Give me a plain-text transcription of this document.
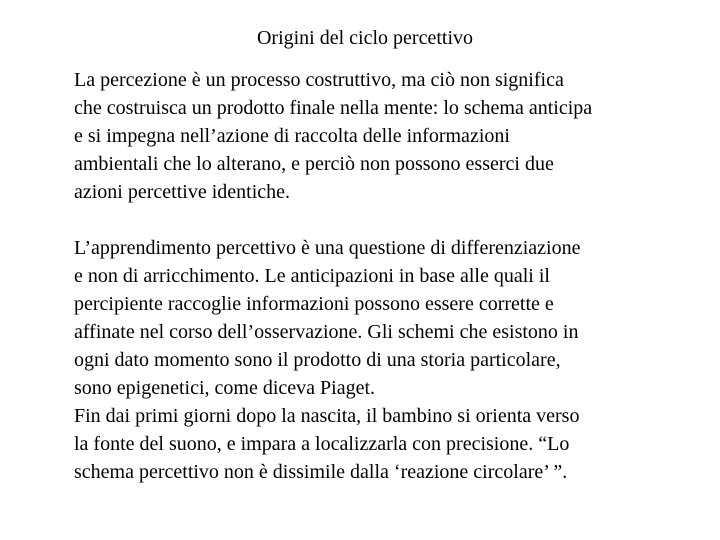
Origini del ciclo percettivo
La percezione è un processo costruttivo, ma ciò non significa
che costruisca un prodotto finale nella mente: lo schema anticipa
e si impegna nell’azione di raccolta delle informazioni
ambientali che lo alterano, e perciò non possono esserci due
azioni percettive identiche.
L’apprendimento percettivo è una questione di differenziazione
e non di arricchimento. Le anticipazioni in base alle quali il
percipiente raccoglie informazioni possono essere corrette e
affinate nel corso dell’osservazione. Gli schemi che esistono in
ogni dato momento sono il prodotto di una storia particolare,
sono epigenetici, come diceva Piaget.
Fin dai primi giorni dopo la nascita, il bambino si orienta verso
la fonte del suono, e impara a localizzarla con precisione. “Lo
schema percettivo non è dissimile dalla ‘reazione circolare’ ”.
